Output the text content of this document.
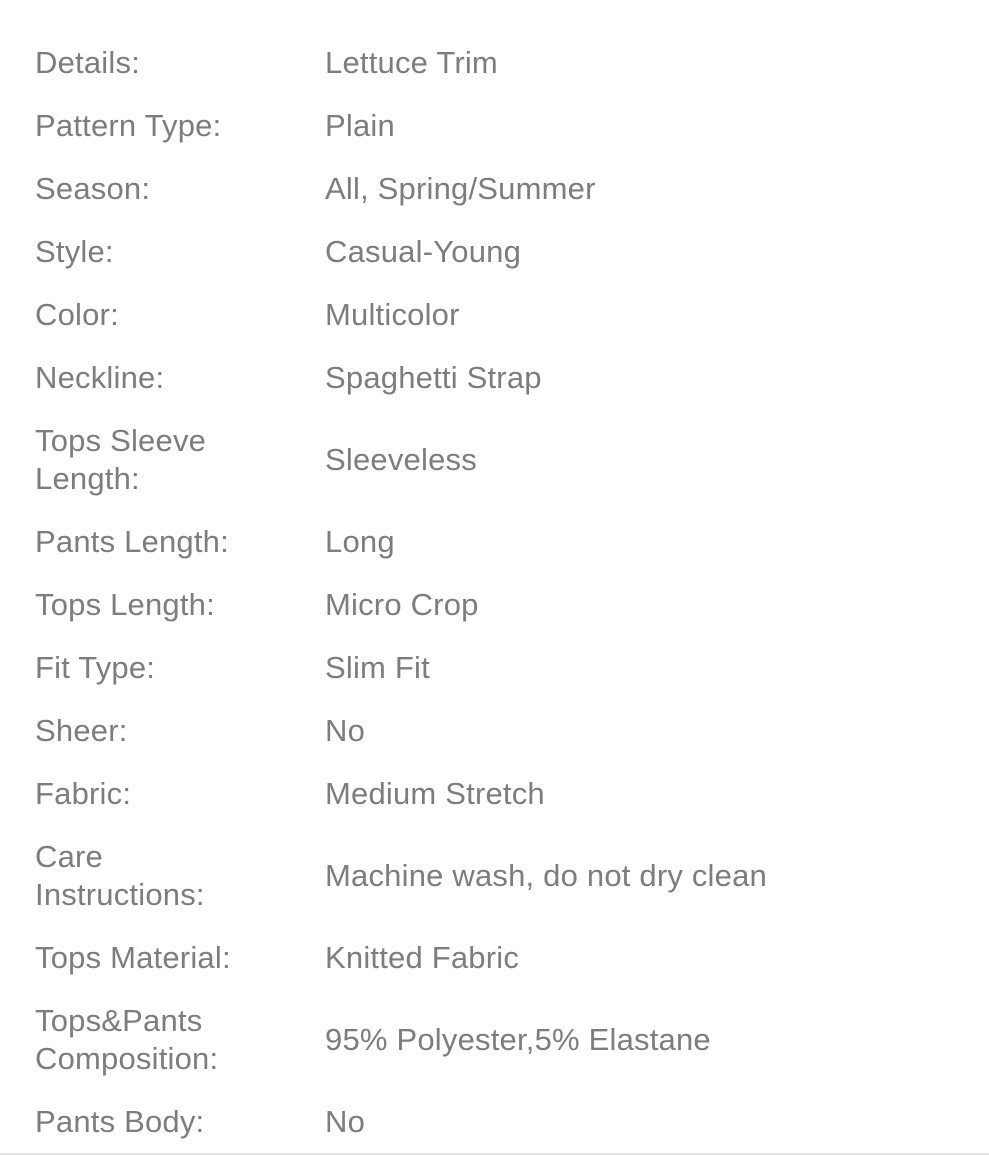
Details:	Lettuce Trim
Pattern Type:	Plain
Season:	All, Spring/Summer
Style:	Casual-Young
Color:	Multicolor
Neckline:	Spaghetti Strap
Tops Sleeve Length:
Sleeveless
Pants Length:	Long
Tops Length:	Micro Crop
Fit Type:	Slim Fit
Sheer:	No
Fabric:	Medium Stretch
Care Instructions:
Machine wash, do not dry clean
Tops Material:	Knitted Fabric
Tops&Pants Composition:
95% Polyester,5% Elastane
Pants Body:	No
